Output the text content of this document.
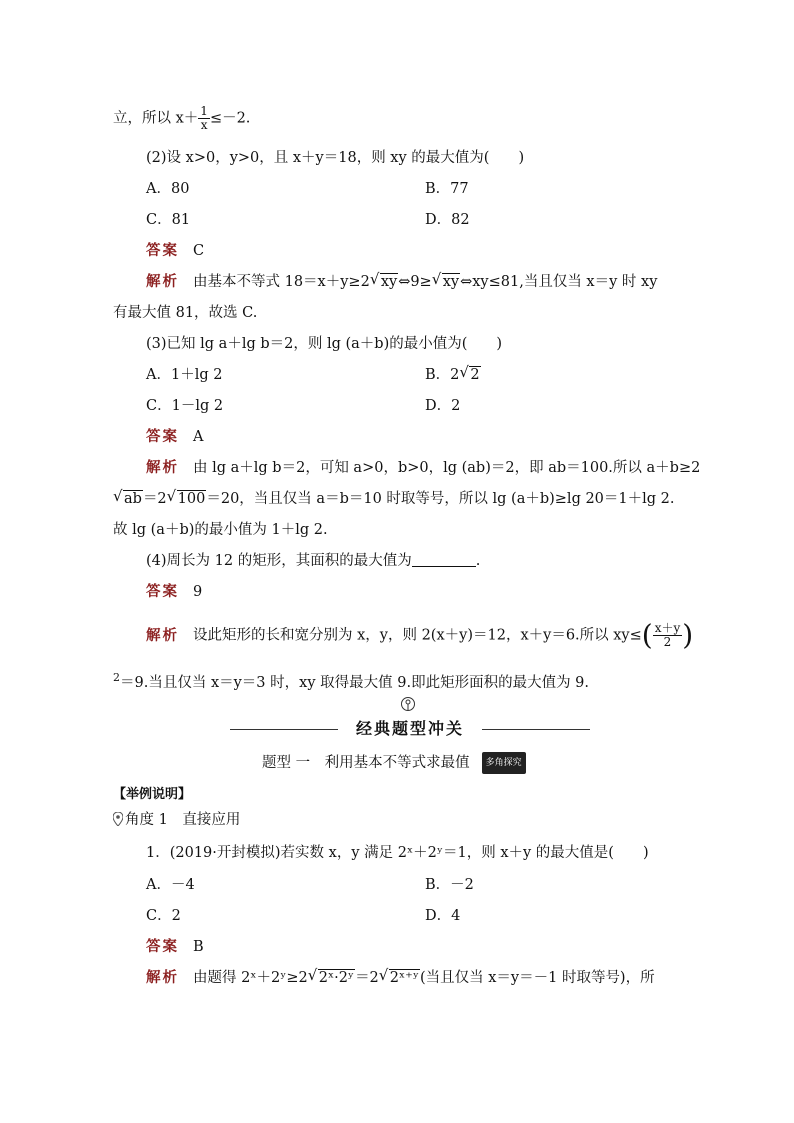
立，所以 $x+ \frac{1}{x} \le-2$.
(2)设 x>0，y>0，且 x＋y＝18，则 xy 的最大值为(　　)
A．80	B．77
C．81	D．82
答案 C
解析 由基本不等式 18＝x＋y≥2 √ xy⇔9≥ √ xy⇔xy≤81,当且仅当 x＝y 时 xy
有最大值 81，故选 C.
(3)已知 lg a＋lg b＝2，则 lg (a＋b)的最小值为(　　)
A．1＋lg 2	B．2 √ 2
C．1－lg 2	D．2
答案 A
解析 由 lg a＋lg b＝2，可知 a>0，b>0，lg (ab)＝2，即 ab＝100.所以 a＋b≥2
√ ab＝2 √ 100＝20，当且仅当 a＝b＝10 时取等号，所以 lg (a＋b)≥lg 20＝1＋lg 2.
故 lg (a＋b)的最小值为 1＋lg 2.
(4)周长为 12 的矩形，其面积的最大值为	.
答案 9
解析 设此矩形的长和宽分别为 x，y，则 2(x＋y)＝12，x＋y＝6.所以 $xy\le( \frac{x+y}{2}$ )
$^2$＝9.当且仅当 x＝y＝3 时，xy 取得最大值 9.即此矩形面积的最大值为 9.
经典题型冲关
题型 一　利用基本不等式求最值 多角探究
【举例说明】
角度 1　直接应用
1．(2019·开封模拟)若实数 x，y 满足 2ˣ＋2ʸ＝1，则 x＋y 的最大值是(　　)
A．－4	B．－2
C．2	D．4
答案 B
解析 由题得 2ˣ＋2ʸ≥2 √ 2ˣ·2ʸ＝2 √ 2ˣ⁺ʸ(当且仅当 x＝y＝－1 时取等号)，所
